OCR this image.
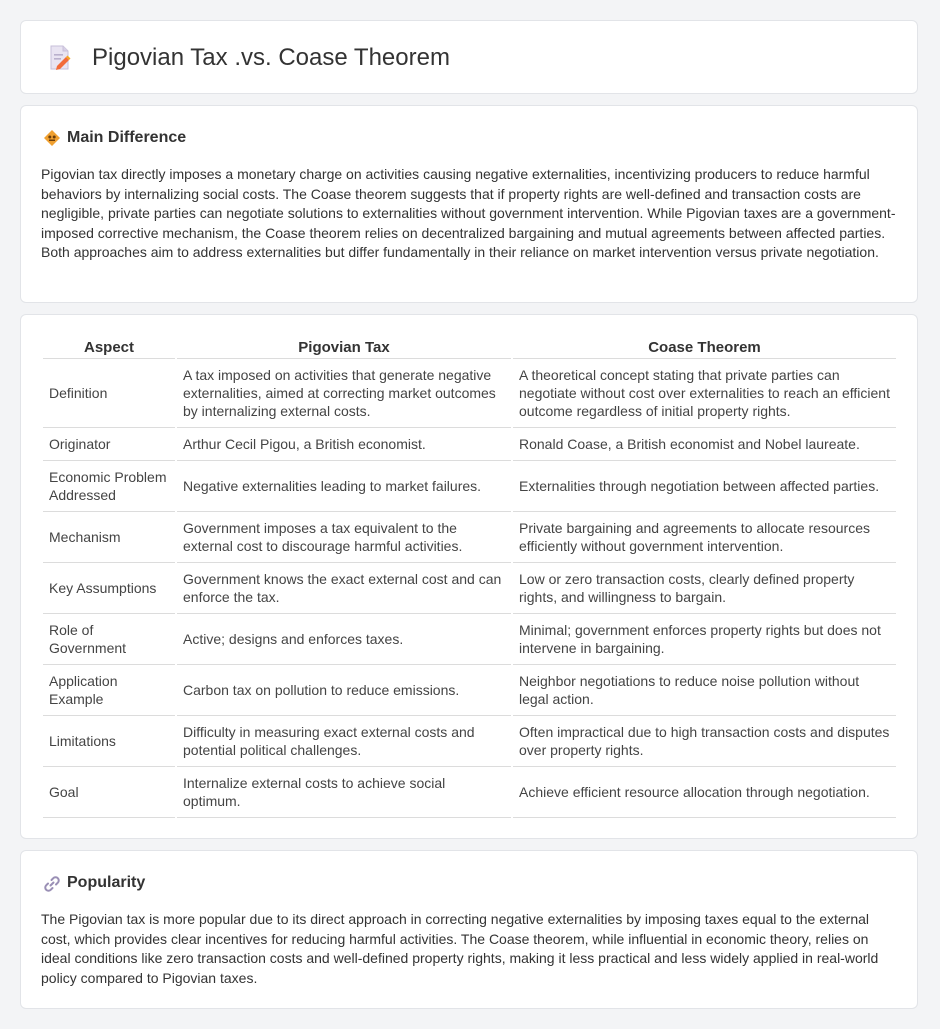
Pigovian Tax .vs. Coase Theorem
Main Difference

Pigovian tax directly imposes a monetary charge on activities causing negative externalities, incentivizing producers to reduce harmful behaviors by internalizing social costs. The Coase theorem suggests that if property rights are well-defined and transaction costs are negligible, private parties can negotiate solutions to externalities without government intervention. While Pigovian taxes are a government-imposed corrective mechanism, the Coase theorem relies on decentralized bargaining and mutual agreements between affected parties. Both approaches aim to address externalities but differ fundamentally in their reliance on market intervention versus private negotiation.

Aspect	Pigovian Tax	Coase Theorem
Definition	A tax imposed on activities that generate negative externalities, aimed at correcting market outcomes by internalizing external costs.	A theoretical concept stating that private parties can negotiate without cost over externalities to reach an efficient outcome regardless of initial property rights.
Originator	Arthur Cecil Pigou, a British economist.	Ronald Coase, a British economist and Nobel laureate.
Economic Problem Addressed	Negative externalities leading to market failures.	Externalities through negotiation between affected parties.
Mechanism	Government imposes a tax equivalent to the external cost to discourage harmful activities.	Private bargaining and agreements to allocate resources efficiently without government intervention.
Key Assumptions	Government knows the exact external cost and can enforce the tax.	Low or zero transaction costs, clearly defined property rights, and willingness to bargain.
Role of Government	Active; designs and enforces taxes.	Minimal; government enforces property rights but does not intervene in bargaining.
Application Example	Carbon tax on pollution to reduce emissions.	Neighbor negotiations to reduce noise pollution without legal action.
Limitations	Difficulty in measuring exact external costs and potential political challenges.	Often impractical due to high transaction costs and disputes over property rights.
Goal	Internalize external costs to achieve social optimum.	Achieve efficient resource allocation through negotiation.
Popularity

The Pigovian tax is more popular due to its direct approach in correcting negative externalities by imposing taxes equal to the external cost, which provides clear incentives for reducing harmful activities. The Coase theorem, while influential in economic theory, relies on ideal conditions like zero transaction costs and well-defined property rights, making it less practical and less widely applied in real-world policy compared to Pigovian taxes.
